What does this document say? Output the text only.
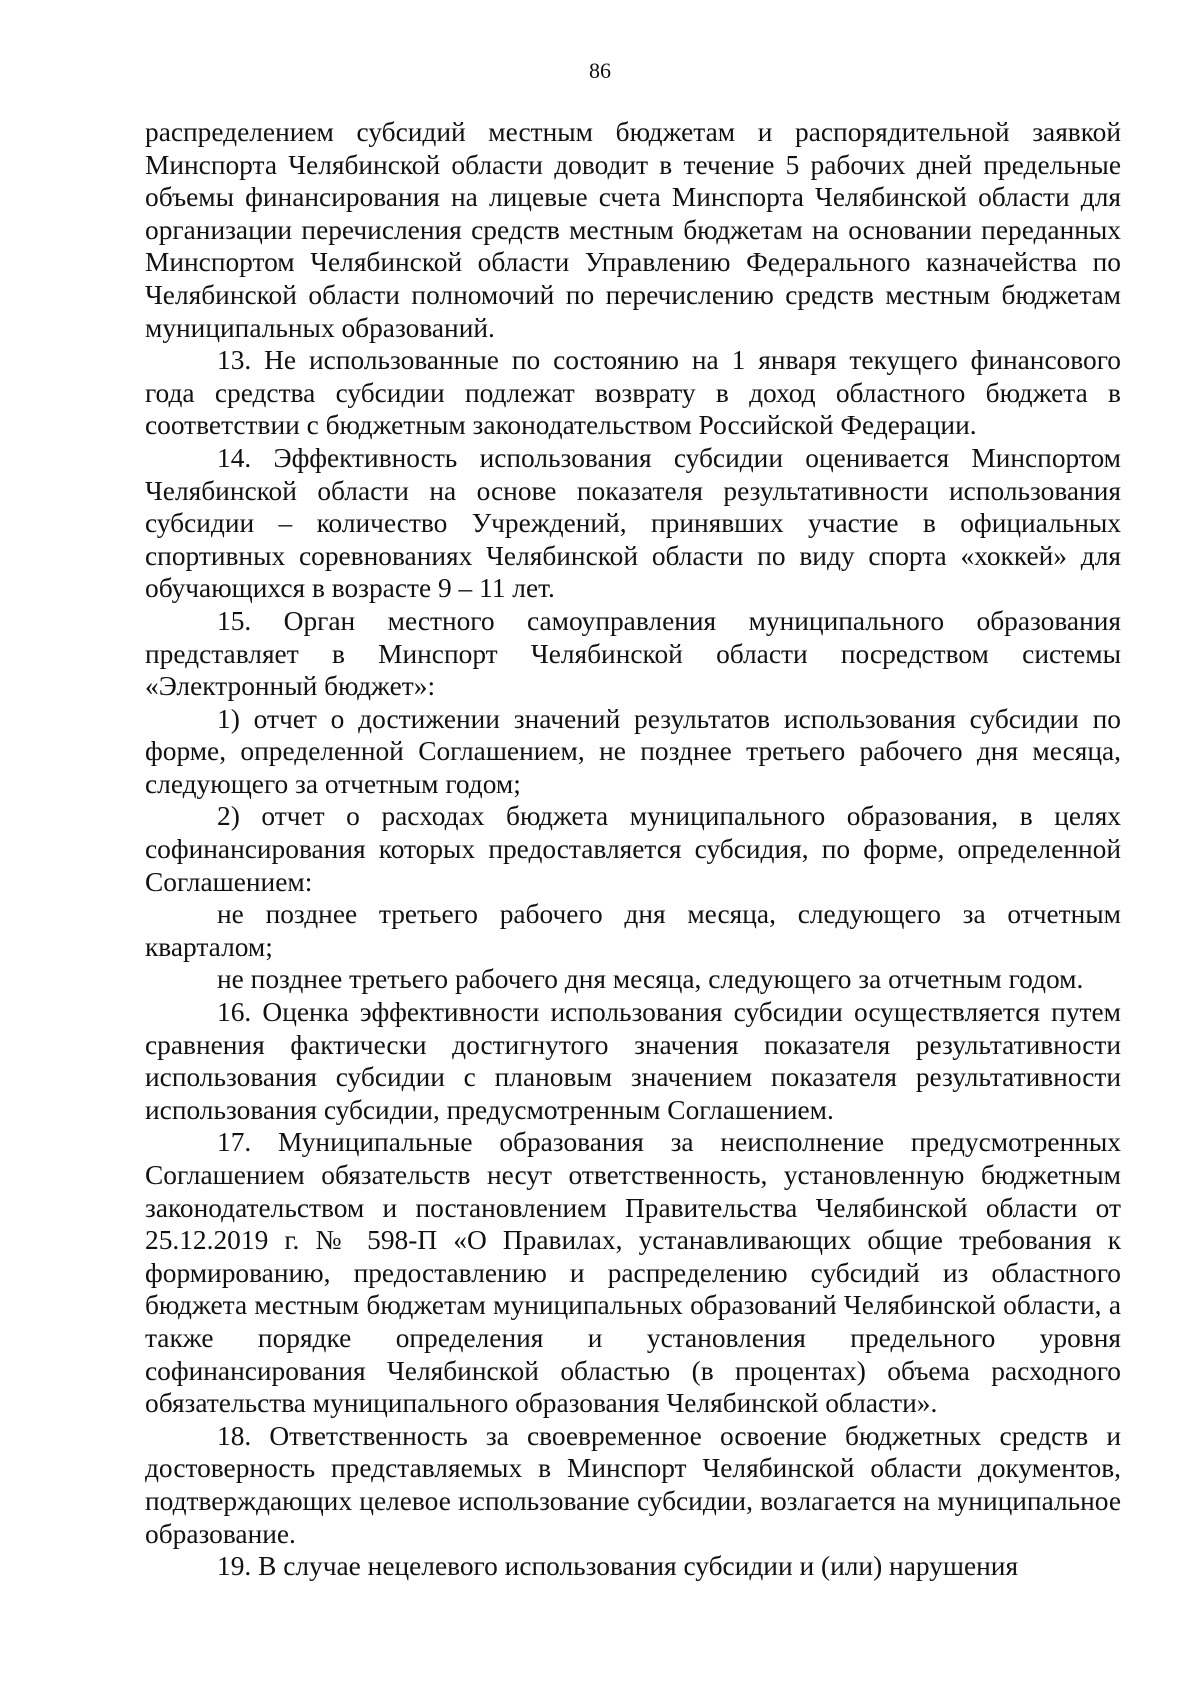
86

распределением субсидий местным бюджетам и распорядительной заявкой Минспорта Челябинской области доводит в течение 5 рабочих дней предельные объемы финансирования на лицевые счета Минспорта Челябинской области для организации перечисления средств местным бюджетам на основании переданных Минспортом Челябинской области Управлению Федерального казначейства по Челябинской области полномочий по перечислению средств местным бюджетам муниципальных образований.

13. Не использованные по состоянию на 1 января текущего финансового года средства субсидии подлежат возврату в доход областного бюджета в соответствии с бюджетным законодательством Российской Федерации.

14. Эффективность использования субсидии оценивается Минспортом Челябинской области на основе показателя результативности использования субсидии – количество Учреждений, принявших участие в официальных спортивных соревнованиях Челябинской области по виду спорта «хоккей» для обучающихся в возрасте 9 – 11 лет.

15. Орган местного самоуправления муниципального образования представляет в Минспорт Челябинской области посредством системы «Электронный бюджет»:

1) отчет о достижении значений результатов использования субсидии по форме, определенной Соглашением, не позднее третьего рабочего дня месяца, следующего за отчетным годом;

2) отчет о расходах бюджета муниципального образования, в целях софинансирования которых предоставляется субсидия, по форме, определенной Соглашением:

не позднее третьего рабочего дня месяца, следующего за отчетным кварталом;

не позднее третьего рабочего дня месяца, следующего за отчетным годом.

16. Оценка эффективности использования субсидии осуществляется путем сравнения фактически достигнутого значения показателя результативности использования субсидии с плановым значением показателя результативности использования субсидии, предусмотренным Соглашением.

17. Муниципальные образования за неисполнение предусмотренных Соглашением обязательств несут ответственность, установленную бюджетным законодательством и постановлением Правительства Челябинской области от 25.12.2019 г. № 598-П «О Правилах, устанавливающих общие требования к формированию, предоставлению и распределению субсидий из областного бюджета местным бюджетам муниципальных образований Челябинской области, а также порядке определения и установления предельного уровня софинансирования Челябинской областью (в процентах) объема расходного обязательства муниципального образования Челябинской области».

18. Ответственность за своевременное освоение бюджетных средств и достоверность представляемых в Минспорт Челябинской области документов, подтверждающих целевое использование субсидии, возлагается на муниципальное образование.

19. В случае нецелевого использования субсидии и (или) нарушения
